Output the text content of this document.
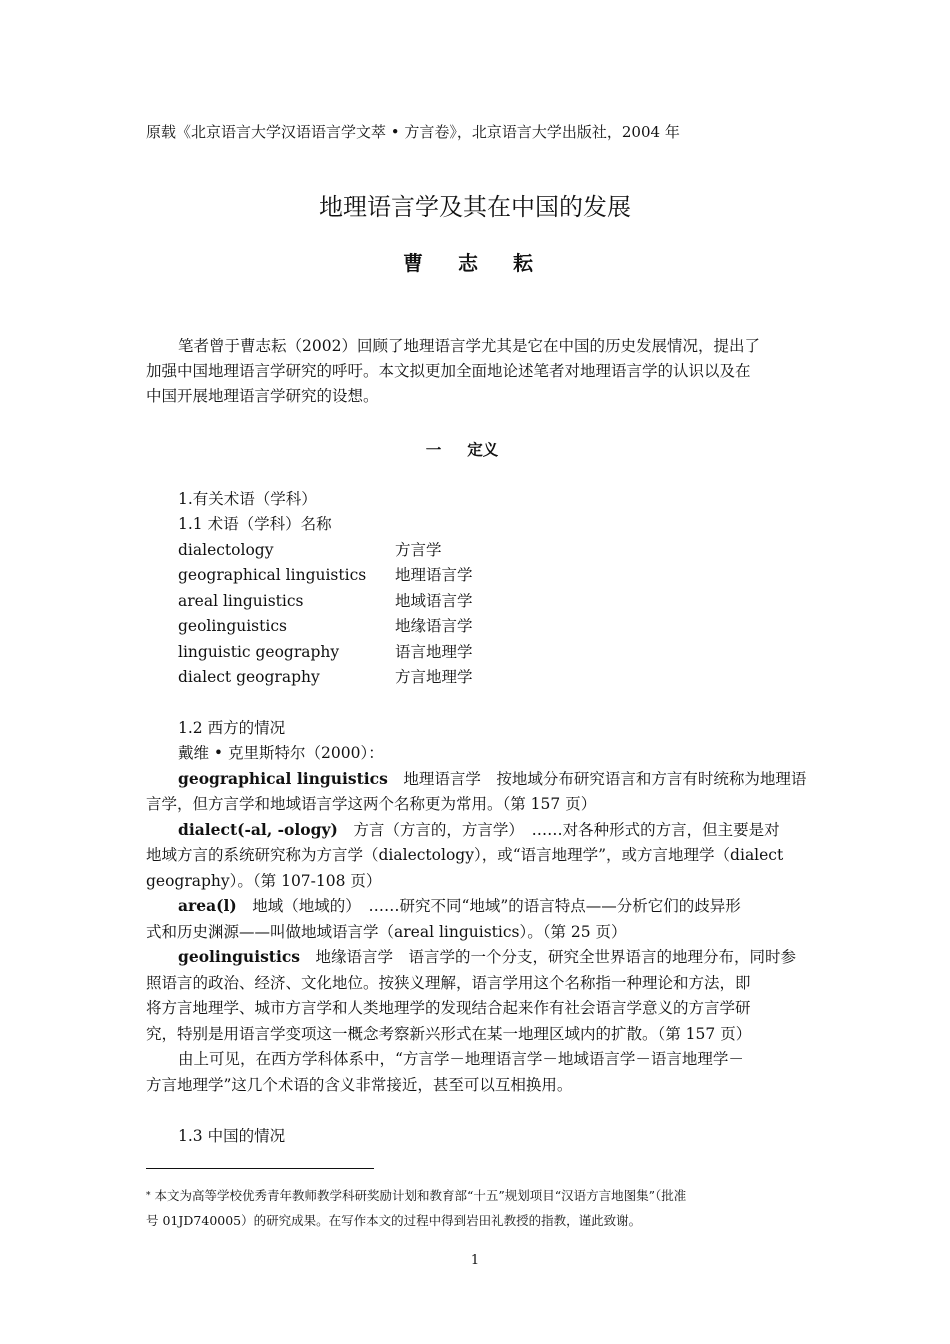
原载《北京语言大学汉语语言学文萃 • 方言卷》，北京语言大学出版社，2004 年
地理语言学及其在中国的发展
曹 志 耘
笔者曾于曹志耘（2002）回顾了地理语言学尤其是它在中国的历史发展情况，提出了
加强中国地理语言学研究的呼吁。本文拟更加全面地论述笔者对地理语言学的认识以及在
中国开展地理语言学研究的设想。
一 定义
1.有关术语（学科）
1.1 术语（学科）名称
dialectology	方言学
geographical linguistics 地理语言学
areal linguistics	地域语言学
geolinguistics	地缘语言学
linguistic geography	语言地理学
dialect geography	方言地理学
1.2 西方的情况
戴维 • 克里斯特尔（2000）：
geographical linguistics　 地理语言学　按地域分布研究语言和方言有时统称为地理语
言学，但方言学和地域语言学这两个名称更为常用。（第 157 页）
dialect(-al, -ology)　 方言（方言的，方言学）　……对各种形式的方言，但主要是对
地域方言的系统研究称为方言学（dialectology），或“语言地理学”，或方言地理学（dialect
geography）。（第 107-108 页）
area(l)　 地域（地域的）　……研究不同“地域”的语言特点——分析它们的歧异形
式和历史渊源——叫做地域语言学（areal linguistics）。（第 25 页）
geolinguistics　 地缘语言学　语言学的一个分支，研究全世界语言的地理分布，同时参
照语言的政治、经济、文化地位。按狭义理解，语言学用这个名称指一种理论和方法，即
将方言地理学、城市方言学和人类地理学的发现结合起来作有社会语言学意义的方言学研
究，特别是用语言学变项这一概念考察新兴形式在某一地理区域内的扩散。（第 157 页）
由上可见，在西方学科体系中，“方言学－地理语言学－地域语言学－语言地理学－
方言地理学”这几个术语的含义非常接近，甚至可以互相换用。
1.3 中国的情况
* 本文为高等学校优秀青年教师教学科研奖励计划和教育部“十五”规划项目“汉语方言地图集”（批准
号 01JD740005）的研究成果。在写作本文的过程中得到岩田礼教授的指教，谨此致谢。
1
